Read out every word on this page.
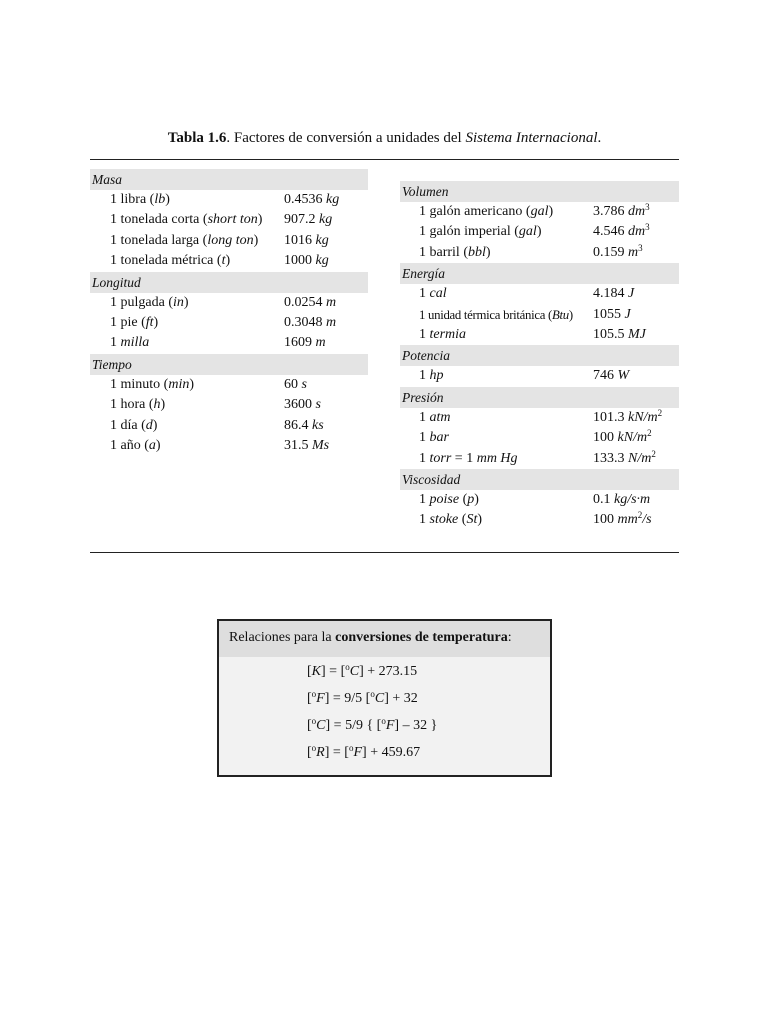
Tabla 1.6. Factores de conversión a unidades del Sistema Internacional.
Masa
1 libra (lb)	0.4536 kg
1 tonelada corta (short ton) 907.2 kg
1 tonelada larga (long ton) 1016 kg
1 tonelada métrica (t)	1000 kg
Longitud
1 pulgada (in)	0.0254 m
1 pie (ft)	0.3048 m
1 milla	1609 m
Tiempo
1 minuto (min)	60 s
1 hora (h)	3600 s
1 día (d)	86.4 ks
1 año (a)	31.5 Ms
Volumen
1 galón americano (gal)	3.786 $dm^3$
1 galón imperial (gal)	4.546 $dm^3$
1 barril (bbl)	0.159 $m^3$
Energía
1 cal	4.184 J
1 unidad térmica británica (Btu) 1055 J
1 termia	105.5 MJ
Potencia
1 hp	746 W
Presión
1 atm	101.3 $kN/m^2$
1 bar	100 $kN/m^2$
1 torr = 1 mm Hg	133.3 $N/m^2$
Viscosidad
1 poise (p)	0.1 kg/s·m
1 stoke (St)	100 $mm^2/s$
Relaciones para la conversiones de temperatura:
[K] = [$^o$C] + 273.15
[$^o$F] = 9/5 [$^o$C] + 32
[$^o$C] = 5/9 { [$^o$F] – 32 }
[$^o$R] = [$^o$F] + 459.67
